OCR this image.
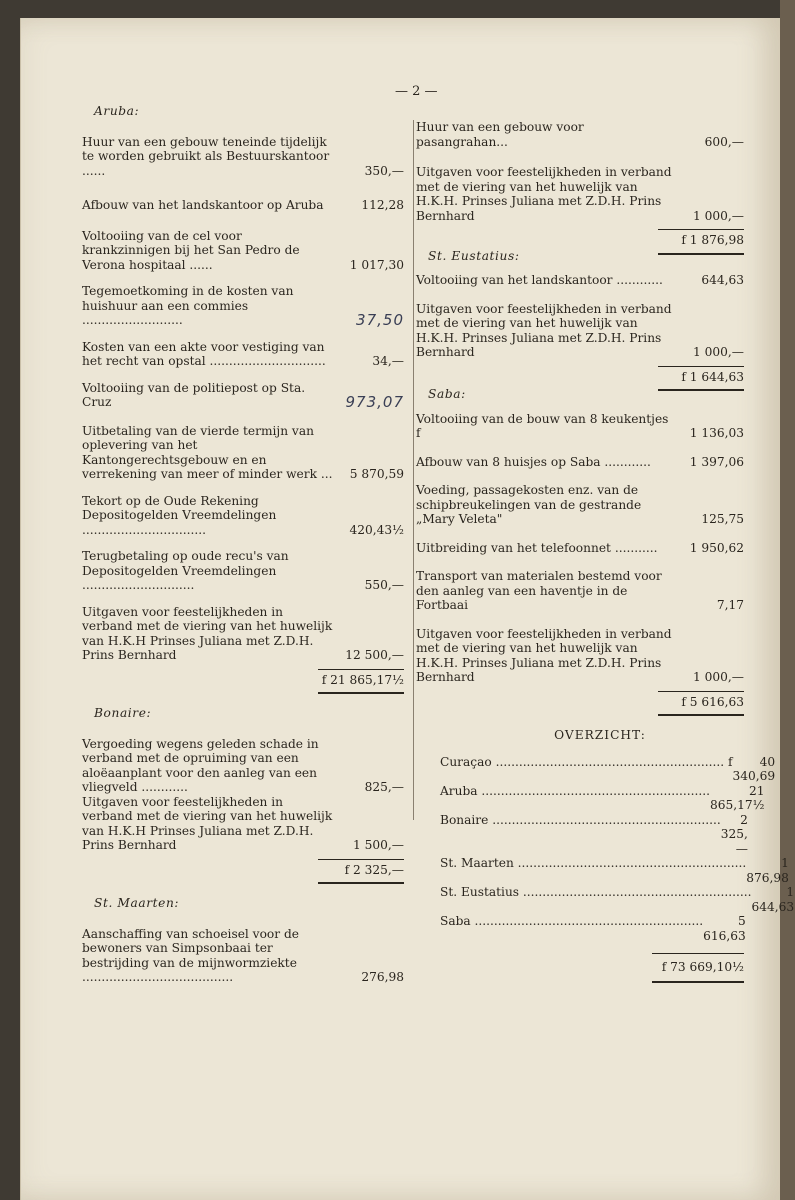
— 2 —
Aruba:
Huur van een gebouw teneinde tijdelijk te worden gebruikt als Bestuurskantoor ......	350,—
Afbouw van het landskantoor op Aruba	112,28
Voltooiing van de cel voor krankzinnigen bij het San Pedro de Verona hospitaal ......	1 017,30
Tegemoetkoming in de kosten van huishuur aan een commies ..........................	37,50
Kosten van een akte voor vestiging van het recht van opstal ..............................	34,—
Voltooiing van de politiepost op Sta. Cruz	973,07
Uitbetaling van de vierde termijn van oplevering van het Kantongerechtsgebouw en en verrekening van meer of minder werk ...	5 870,59
Tekort op de Oude Rekening Depositogelden Vreemdelingen ................................	420,43½
Terugbetaling op oude recu's van Depositogelden Vreemdelingen .............................	550,—
Uitgaven voor feestelijkheden in verband met de viering van het huwelijk van H.K.H Prinses Juliana met Z.D.H. Prins Bernhard	12 500,—
f 21 865,17½
Bonaire:
Vergoeding wegens geleden schade in verband met de opruiming van een aloëaanplant voor den aanleg van een vliegveld ............	825,—
Uitgaven voor feestelijkheden in verband met de viering van het huwelijk van H.K.H Prinses Juliana met Z.D.H. Prins Bernhard	1 500,—
f 2 325,—
St. Maarten:
Aanschaffing van schoeisel voor de bewoners van Simpsonbaai ter bestrijding van de mijnwormziekte .......................................	276,98
Huur van een gebouw voor pasangrahan...	600,—
Uitgaven voor feestelijkheden in verband met de viering van het huwelijk van H.K.H. Prinses Juliana met Z.D.H. Prins Bernhard	1 000,—
f 1 876,98
St. Eustatius:
Voltooiing van het landskantoor ............	644,63
Uitgaven voor feestelijkheden in verband met de viering van het huwelijk van H.K.H. Prinses Juliana met Z.D.H. Prins Bernhard	1 000,—
f 1 644,63
Saba:
Voltooiing van de bouw van 8 keukentjes f	1 136,03
Afbouw van 8 huisjes op Saba ............	1 397,06
Voeding, passagekosten enz. van de schipbreukelingen van de gestrande „Mary Veleta"	125,75
Uitbreiding van het telefoonnet ...........	1 950,62
Transport van materialen bestemd voor den aanleg van een haventje in de Fortbaai	7,17
Uitgaven voor feestelijkheden in verband met de viering van het huwelijk van H.K.H. Prinses Juliana met Z.D.H. Prins Bernhard	1 000,—
f 5 616,63
OVERZICHT:
Curaçao ........................................................... f	40 340,69
Aruba ...........................................................	21 865,17½
Bonaire ...........................................................	2 325,—
St. Maarten ...........................................................	1 876,98
St. Eustatius ...........................................................	1 644,63
Saba ...........................................................	5 616,63
f 73 669,10½
